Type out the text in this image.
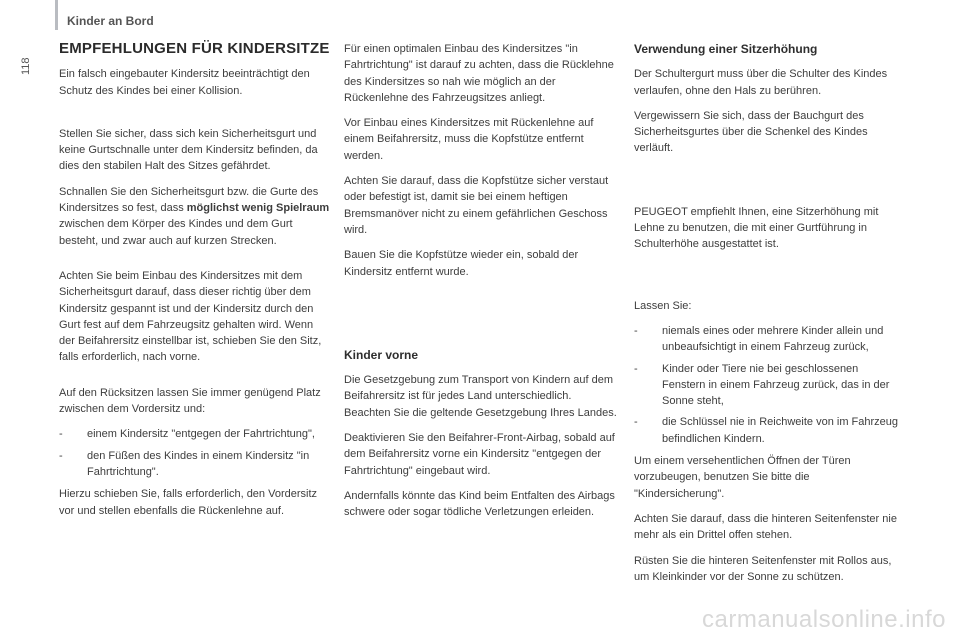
Kinder an Bord
118
EMPFEHLUNGEN FÜR KINDERSITZE

Ein falsch eingebauter Kindersitz beeinträchtigt den Schutz des Kindes bei einer Kollision.

Stellen Sie sicher, dass sich kein Sicherheitsgurt und keine Gurtschnalle unter dem Kindersitz befinden, da dies den stabilen Halt des Sitzes gefährdet.

Schnallen Sie den Sicherheitsgurt bzw. die Gurte des Kindersitzes so fest, dass möglichst wenig Spielraum zwischen dem Körper des Kindes und dem Gurt besteht, und zwar auch auf kurzen Strecken.

Achten Sie beim Einbau des Kindersitzes mit dem Sicherheitsgurt darauf, dass dieser richtig über dem Kindersitz gespannt ist und der Kindersitz durch den Gurt fest auf dem Fahrzeugsitz gehalten wird. Wenn der Beifahrersitz einstellbar ist, schieben Sie den Sitz, falls erforderlich, nach vorne.

Auf den Rücksitzen lassen Sie immer genügend Platz zwischen dem Vordersitz und:

- einem Kindersitz "entgegen der Fahrtrichtung",
- den Füßen des Kindes in einem Kindersitz "in Fahrtrichtung".

Hierzu schieben Sie, falls erforderlich, den Vordersitz vor und stellen ebenfalls die Rückenlehne auf.

Für einen optimalen Einbau des Kindersitzes "in Fahrtrichtung" ist darauf zu achten, dass die Rücklehne des Kindersitzes so nah wie möglich an der Rückenlehne des Fahrzeugsitzes anliegt.

Vor Einbau eines Kindersitzes mit Rückenlehne auf einem Beifahrersitz, muss die Kopfstütze entfernt werden.

Achten Sie darauf, dass die Kopfstütze sicher verstaut oder befestigt ist, damit sie bei einem heftigen Bremsmanöver nicht zu einem gefährlichen Geschoss wird.

Bauen Sie die Kopfstütze wieder ein, sobald der Kindersitz entfernt wurde.

Kinder vorne

Die Gesetzgebung zum Transport von Kindern auf dem Beifahrersitz ist für jedes Land unterschiedlich. Beachten Sie die geltende Gesetzgebung Ihres Landes.

Deaktivieren Sie den Beifahrer-Front-Airbag, sobald auf dem Beifahrersitz vorne ein Kindersitz "entgegen der Fahrtrichtung" eingebaut wird.

Andernfalls könnte das Kind beim Entfalten des Airbags schwere oder sogar tödliche Verletzungen erleiden.

Verwendung einer Sitzerhöhung

Der Schultergurt muss über die Schulter des Kindes verlaufen, ohne den Hals zu berühren.

Vergewissern Sie sich, dass der Bauchgurt des Sicherheitsgurtes über die Schenkel des Kindes verläuft.

PEUGEOT empfiehlt Ihnen, eine Sitzerhöhung mit Lehne zu benutzen, die mit einer Gurtführung in Schulterhöhe ausgestattet ist.

Lassen Sie:

- niemals eines oder mehrere Kinder allein und unbeaufsichtigt in einem Fahrzeug zurück,
- Kinder oder Tiere nie bei geschlossenen Fenstern in einem Fahrzeug zurück, das in der Sonne steht,
- die Schlüssel nie in Reichweite von im Fahrzeug befindlichen Kindern.

Um einem versehentlichen Öffnen der Türen vorzubeugen, benutzen Sie bitte die "Kindersicherung".

Achten Sie darauf, dass die hinteren Seitenfenster nie mehr als ein Drittel offen stehen.

Rüsten Sie die hinteren Seitenfenster mit Rollos aus, um Kleinkinder vor der Sonne zu schützen.

carmanualsonline.info
